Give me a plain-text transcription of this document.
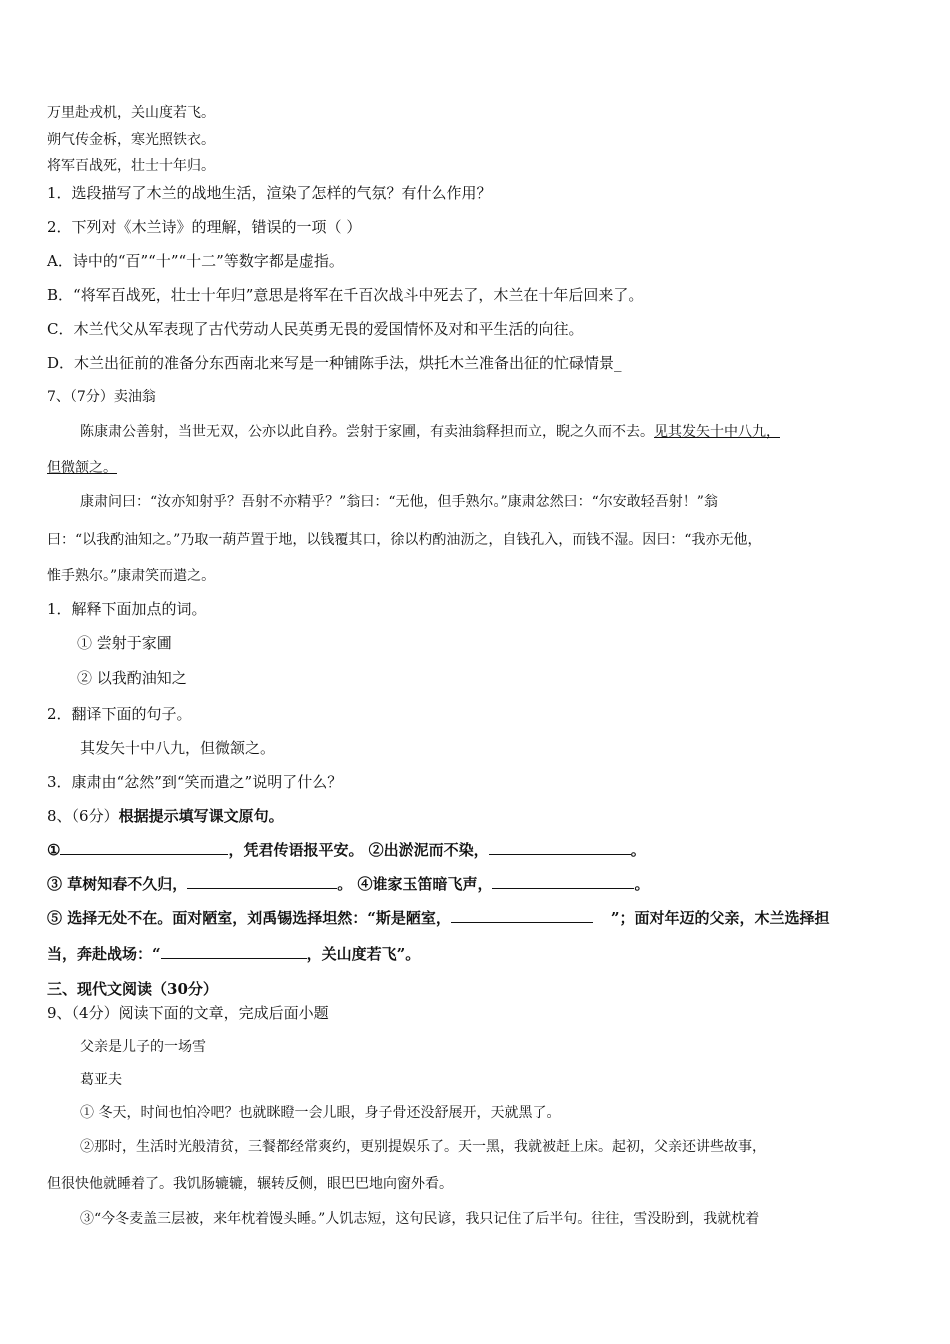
万里赴戎机，关山度若飞。
朔气传金柝，寒光照铁衣。
将军百战死，壮士十年归。
1．选段描写了木兰的战地生活，渲染了怎样的气氛？有什么作用？
2．下列对《木兰诗》的理解，错误的一项（ ）
A．诗中的“百”“十”“十二”等数字都是虚指。
B．“将军百战死，壮士十年归”意思是将军在千百次战斗中死去了，木兰在十年后回来了。
C．木兰代父从军表现了古代劳动人民英勇无畏的爱国情怀及对和平生活的向往。
D．木兰出征前的准备分东西南北来写是一种铺陈手法，烘托木兰准备出征的忙碌情景_
7、（7分）卖油翁
陈康肃公善射，当世无双，公亦以此自矜。尝射于家圃，有卖油翁释担而立，睨之久而不去。见其发矢十中八九，
但微颔之。
康肃问曰：“汝亦知射乎？吾射不亦精乎？”翁曰：“无他，但手熟尔。”康肃忿然曰：“尔安敢轻吾射！”翁
曰：“以我酌油知之。”乃取一葫芦置于地，以钱覆其口，徐以杓酌油沥之，自钱孔入，而钱不湿。因曰：“我亦无他，
惟手熟尔。”康肃笑而遣之。
1．解释下面加点的词。
① 尝射于家圃
② 以我酌油知之
2．翻译下面的句子。
其发矢十中八九，但微颔之。
3．康肃由“忿然”到“笑而遣之”说明了什么？
8、（6分）根据提示填写课文原句。
①	，凭君传语报平安。 ②出淤泥而不染，	。
③ 草树知春不久归，	。 ④谁家玉笛暗飞声，	。
⑤ 选择无处不在。面对陋室，刘禹锡选择坦然：“斯是陋室，	”；面对年迈的父亲，木兰选择担
当，奔赴战场：“	，关山度若飞”。
三、现代文阅读（30分）
9、（4分）阅读下面的文章，完成后面小题
父亲是儿子的一场雪
葛亚夫
① 冬天，时间也怕冷吧？也就眯瞪一会儿眼，身子骨还没舒展开，天就黑了。
②那时，生活时光般清贫，三餐都经常爽约，更别提娱乐了。天一黑，我就被赶上床。起初，父亲还讲些故事，
但很快他就睡着了。我饥肠辘辘，辗转反侧，眼巴巴地向窗外看。
③“今冬麦盖三层被，来年枕着馒头睡。”人饥志短，这句民谚，我只记住了后半句。往往，雪没盼到，我就枕着
